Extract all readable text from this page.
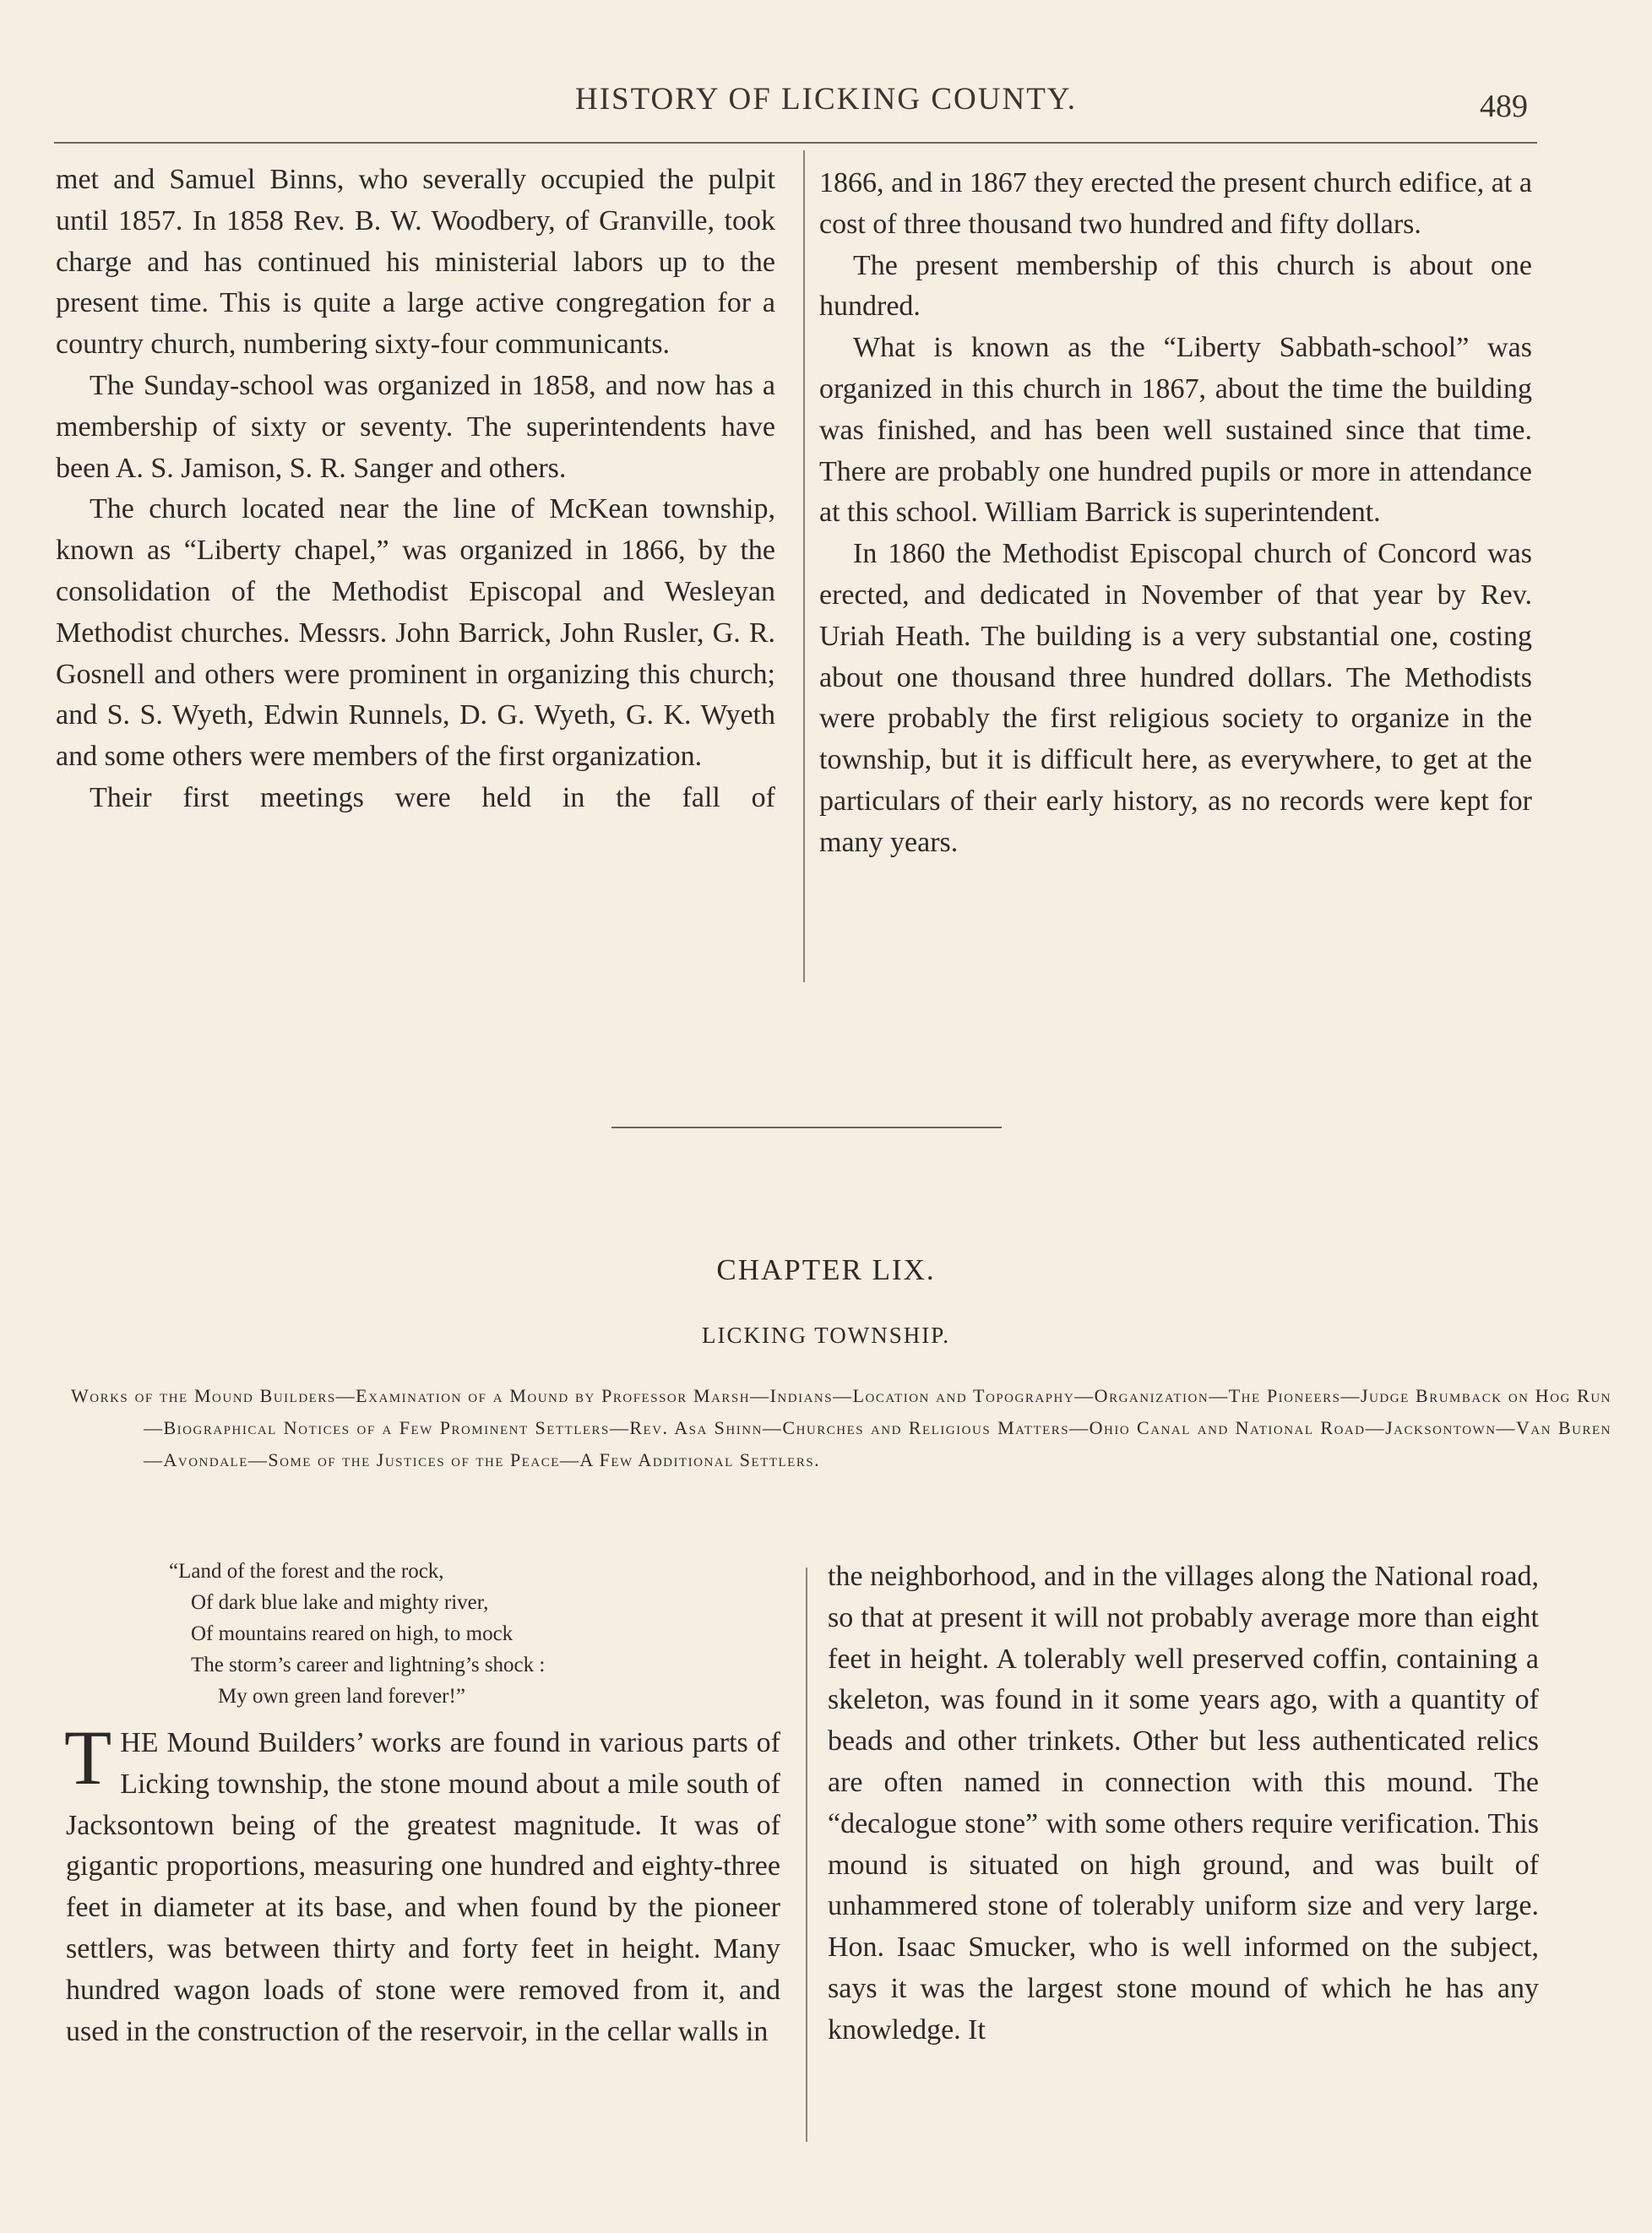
HISTORY OF LICKING COUNTY.	489

met and Samuel Binns, who severally occupied the pulpit until 1857. In 1858 Rev. B. W. Woodbery, of Granville, took charge and has continued his ministerial labors up to the present time. This is quite a large active congregation for a country church, numbering sixty-four communicants.

The Sunday-school was organized in 1858, and now has a membership of sixty or seventy. The superintendents have been A. S. Jamison, S. R. Sanger and others.

The church located near the line of McKean township, known as “Liberty chapel,” was organized in 1866, by the consolidation of the Methodist Episcopal and Wesleyan Methodist churches. Messrs. John Barrick, John Rusler, G. R. Gosnell and others were prominent in organizing this church; and S. S. Wyeth, Edwin Runnels, D. G. Wyeth, G. K. Wyeth and some others were members of the first organization.

Their first meetings were held in the fall of

1866, and in 1867 they erected the present church edifice, at a cost of three thousand two hundred and fifty dollars.

The present membership of this church is about one hundred.

What is known as the “Liberty Sabbath-school” was organized in this church in 1867, about the time the building was finished, and has been well sustained since that time. There are probably one hundred pupils or more in attendance at this school. William Barrick is superintendent.

In 1860 the Methodist Episcopal church of Concord was erected, and dedicated in November of that year by Rev. Uriah Heath. The building is a very substantial one, costing about one thousand three hundred dollars. The Methodists were probably the first religious society to organize in the township, but it is difficult here, as everywhere, to get at the particulars of their early history, as no records were kept for many years.

CHAPTER LIX.
LICKING TOWNSHIP.

Works of the Mound Builders—Examination of a Mound by Professor Marsh—Indians—Location and Topography—Organization—The Pioneers—Judge Brumback on Hog Run—Biographical Notices of a Few Prominent Settlers—Rev. Asa Shinn—Churches and Religious Matters—Ohio Canal and National Road—Jacksontown—Van Buren—Avondale—Some of the Justices of the Peace—A Few Additional Settlers.

“Land of the forest and the rock,
Of dark blue lake and mighty river,
Of mountains reared on high, to mock
The storm’s career and lightning’s shock :
My own green land forever!”
THE Mound Builders’ works are found in various parts of Licking township, the stone mound about a mile south of Jacksontown being of the greatest magnitude. It was of gigantic proportions, measuring one hundred and eighty-three feet in diameter at its base, and when found by the pioneer settlers, was between thirty and forty feet in height. Many hundred wagon loads of stone were removed from it, and used in the construction of the reservoir, in the cellar walls in

the neighborhood, and in the villages along the National road, so that at present it will not probably average more than eight feet in height. A tolerably well preserved coffin, containing a skeleton, was found in it some years ago, with a quantity of beads and other trinkets. Other but less authenticated relics are often named in connection with this mound. The “decalogue stone” with some others require verification. This mound is situated on high ground, and was built of unhammered stone of tolerably uniform size and very large. Hon. Isaac Smucker, who is well informed on the subject, says it was the largest stone mound of which he has any knowledge. It
